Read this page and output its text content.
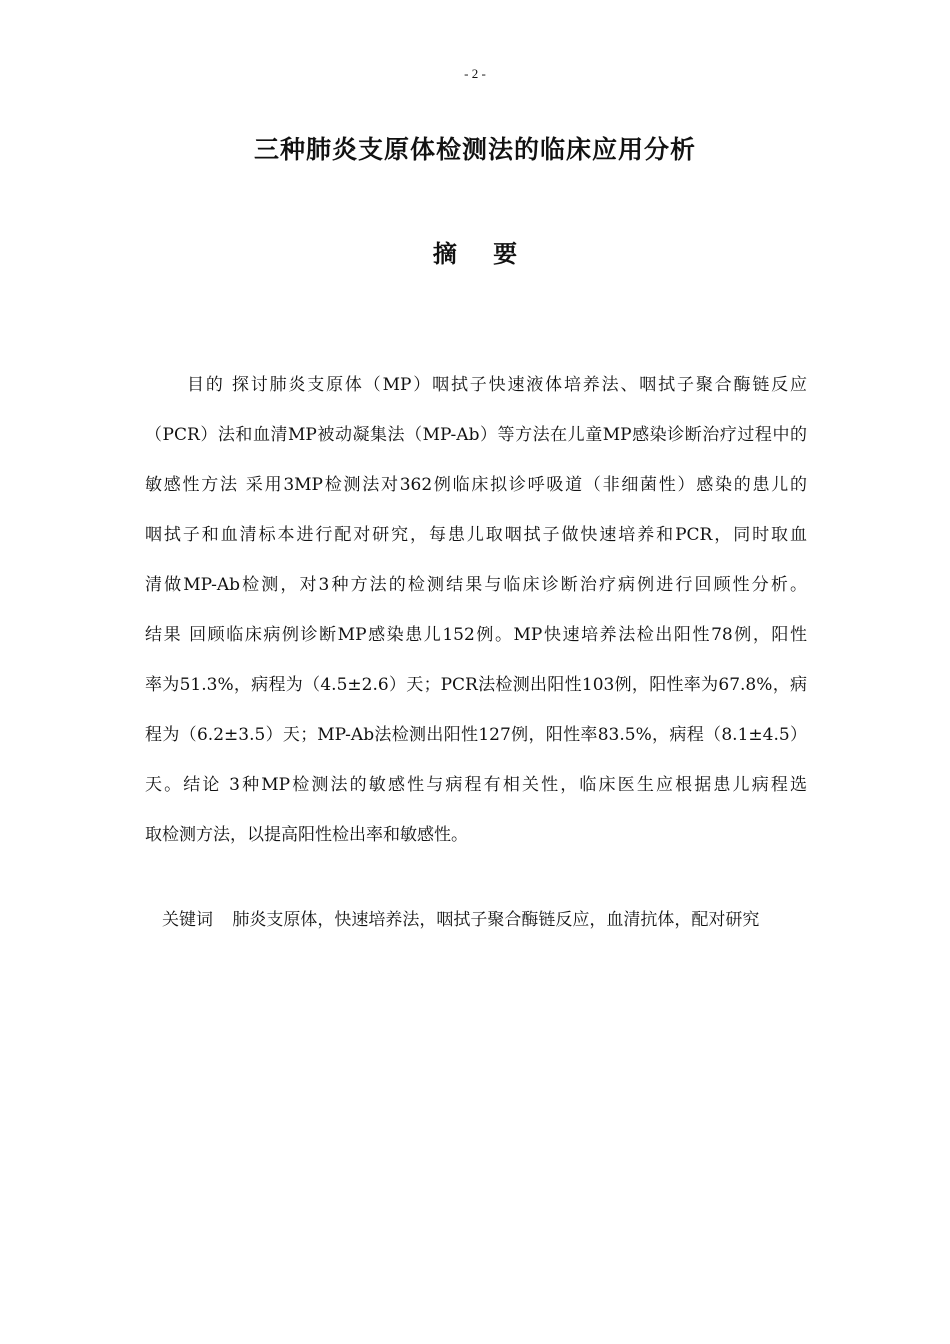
- 2 -
三种肺炎支原体检测法的临床应用分析
摘 要
目的 探讨肺炎支原体（MP）咽拭子快速液体培养法、咽拭子聚合酶链反应
（PCR）法和血清MP被动凝集法（MP-Ab）等方法在儿童MP感染诊断治疗过程中的
敏感性方法 采用3MP检测法对362例临床拟诊呼吸道（非细菌性）感染的患儿的
咽拭子和血清标本进行配对研究，每患儿取咽拭子做快速培养和PCR，同时取血
清做MP-Ab检测，对3种方法的检测结果与临床诊断治疗病例进行回顾性分析。
结果 回顾临床病例诊断MP感染患儿152例。MP快速培养法检出阳性78例，阳性
率为51.3%，病程为（4.5±2.6）天；PCR法检测出阳性103例，阳性率为67.8%，病
程为（6.2±3.5）天；MP-Ab法检测出阳性127例，阳性率83.5%，病程（8.1±4.5）
天。结论 3种MP检测法的敏感性与病程有相关性，临床医生应根据患儿病程选
取检测方法，以提高阳性检出率和敏感性。
关键词 肺炎支原体，快速培养法，咽拭子聚合酶链反应，血清抗体，配对研究
